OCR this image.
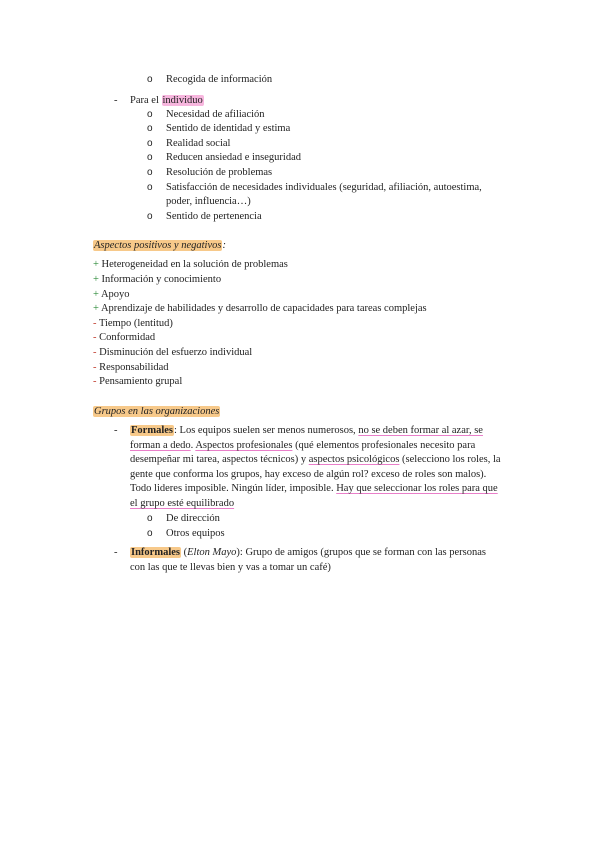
o Recogida de información
- Para el individuo
o Necesidad de afiliación
o Sentido de identidad y estima
o Realidad social
o Reducen ansiedad e inseguridad
o Resolución de problemas
o Satisfacción de necesidades individuales (seguridad, afiliación, autoestima,
poder, influencia…)
o Sentido de pertenencia
Aspectos positivos y negativos:
+ Heterogeneidad en la solución de problemas
+ Información y conocimiento
+ Apoyo
+ Aprendizaje de habilidades y desarrollo de capacidades para tareas complejas
- Tiempo (lentitud)
- Conformidad
- Disminución del esfuerzo individual
- Responsabilidad
- Pensamiento grupal
Grupos en las organizaciones
- Formales: Los equipos suelen ser menos numerosos, no se deben formar al azar, se
forman a dedo. Aspectos profesionales (qué elementos profesionales necesito para
desempeñar mi tarea, aspectos técnicos) y aspectos psicológicos (selecciono los roles, la
gente que conforma los grupos, hay exceso de algún rol? exceso de roles son malos).
Todo lideres imposible. Ningún líder, imposible. Hay que seleccionar los roles para que
el grupo esté equilibrado
o De dirección
o Otros equipos
- Informales (Elton Mayo): Grupo de amigos (grupos que se forman con las personas
con las que te llevas bien y vas a tomar un café)
